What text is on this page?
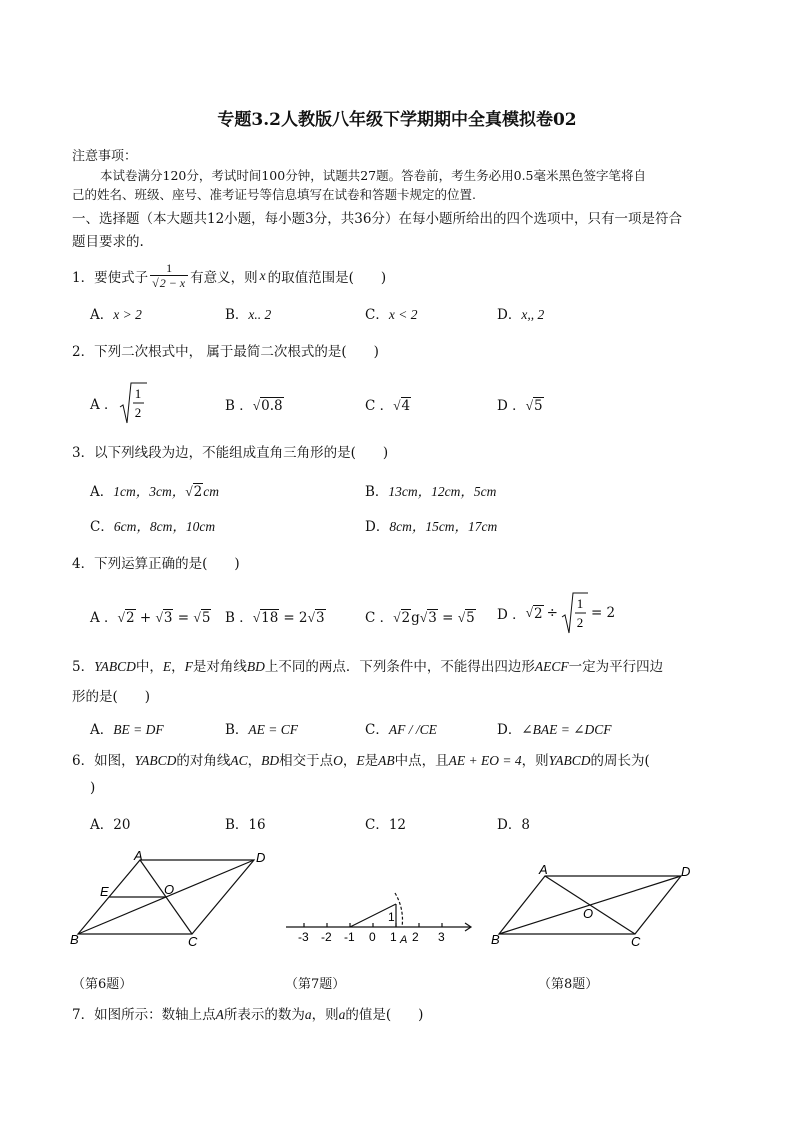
专题3.2人教版八年级下学期期中全真模拟卷02
注意事项：
本试卷满分120分，考试时间100分钟，试题共27题。答卷前，考生务必用0.5毫米黑色签字笔将自
己的姓名、班级、座号、准考证号等信息填写在试卷和答题卡规定的位置.
一、选择题（本大题共12小题，每小题3分，共36分）在每小题所给出的四个选项中，只有一项是符合
题目要求的.
1．要使式子 $\frac{1}{√2 - x}$ 有意义，则 x 的取值范围是(　　)
A．x > 2	B．x.. 2	C．x < 2	D．x,, 2
2．下列二次根式中， 属于最简二次根式的是(　　)
A ．
1
2	B ．√0.8	C ．√4	D ．√5
3．以下列线段为边，不能组成直角三角形的是(　　)
A．1cm，3cm，√2cm	B．13cm，12cm，5cm
C．6cm，8cm，10cm	D．8cm，15cm，17cm
4．下列运算正确的是(　　)
A ．√2 + √3 = √5 B ．√18 = 2√3	C ．√2g√3 = √5 D ． √ 2 ÷
1
2
= 2
5．YABCD中，E，F是对角线BD上不同的两点．下列条件中，不能得出四边形AECF一定为平行四边
形的是(　　)
A．BE = DF	B．AE = CF	C．AF / /CE	D．∠BAE = ∠DCF
6．如图，YABCD的对角线AC，BD相交于点O，E是AB中点，且AE + EO = 4，则YABCD的周长为(
)
A．20	B．16	C．12	D．8
A	D
B	C
E	O
（第6题）
-3 -2 -1 0 1 2 3
1
A
（第7题）
A	D
B	C
O
（第8题）
7．如图所示：数轴上点A所表示的数为a，则a的值是(　　)
